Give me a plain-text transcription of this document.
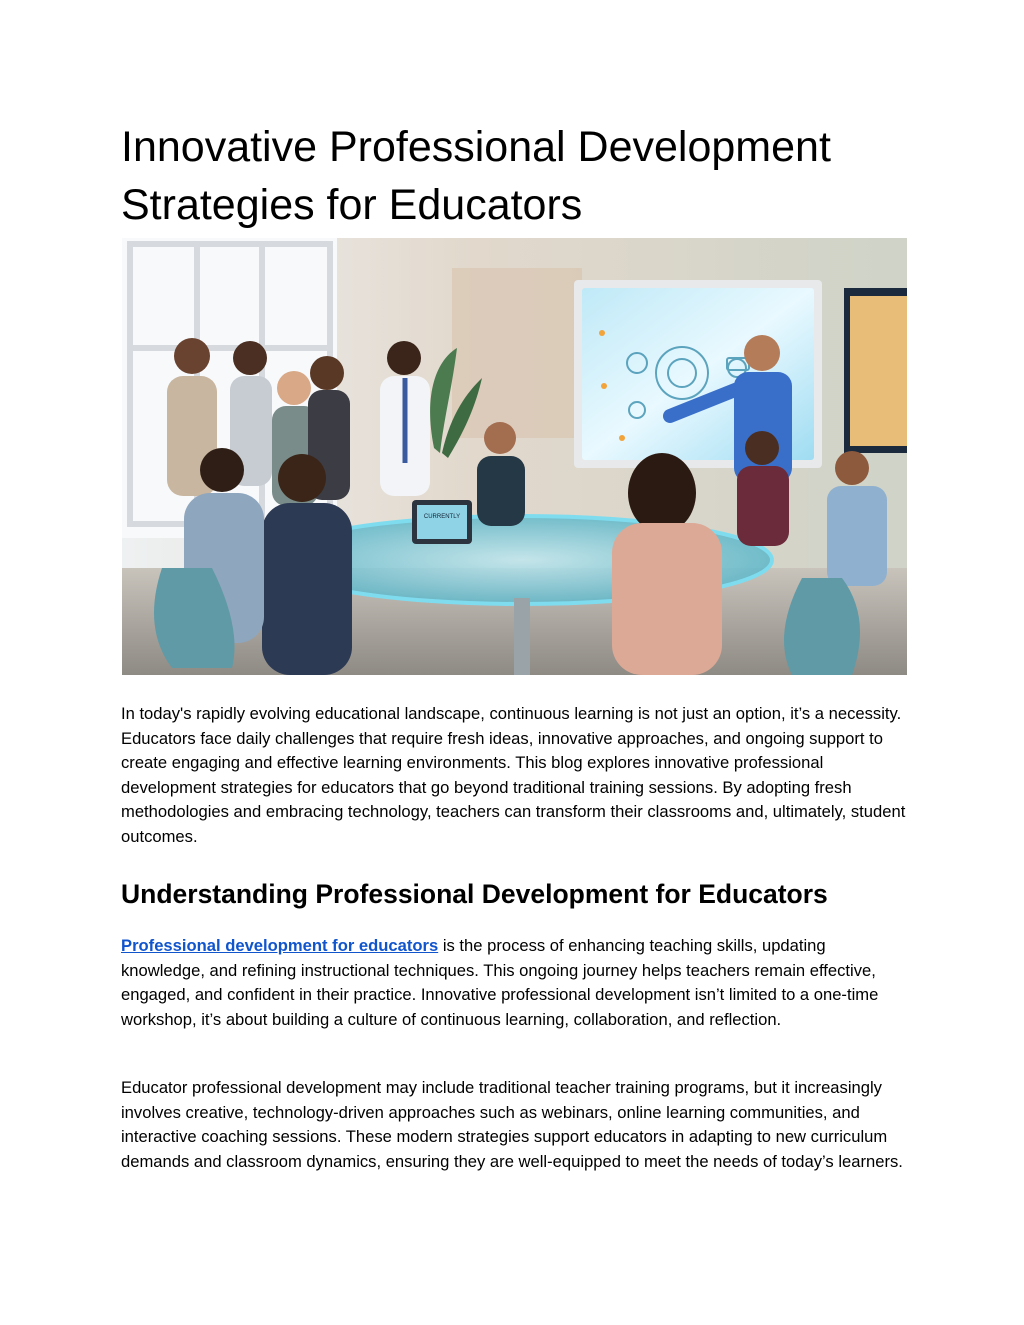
Innovative Professional Development Strategies for Educators
CURRENTLY

In today's rapidly evolving educational landscape, continuous learning is not just an option, it’s a necessity. Educators face daily challenges that require fresh ideas, innovative approaches, and ongoing support to create engaging and effective learning environments. This blog explores innovative professional development strategies for educators that go beyond traditional training sessions. By adopting fresh methodologies and embracing technology, teachers can transform their classrooms and, ultimately, student outcomes.

Understanding Professional Development for Educators

Professional development for educators is the process of enhancing teaching skills, updating knowledge, and refining instructional techniques. This ongoing journey helps teachers remain effective, engaged, and confident in their practice. Innovative professional development isn’t limited to a one-time workshop, it’s about building a culture of continuous learning, collaboration, and reflection.

Educator professional development may include traditional teacher training programs, but it increasingly involves creative, technology-driven approaches such as webinars, online learning communities, and interactive coaching sessions. These modern strategies support educators in adapting to new curriculum demands and classroom dynamics, ensuring they are well-equipped to meet the needs of today’s learners.
